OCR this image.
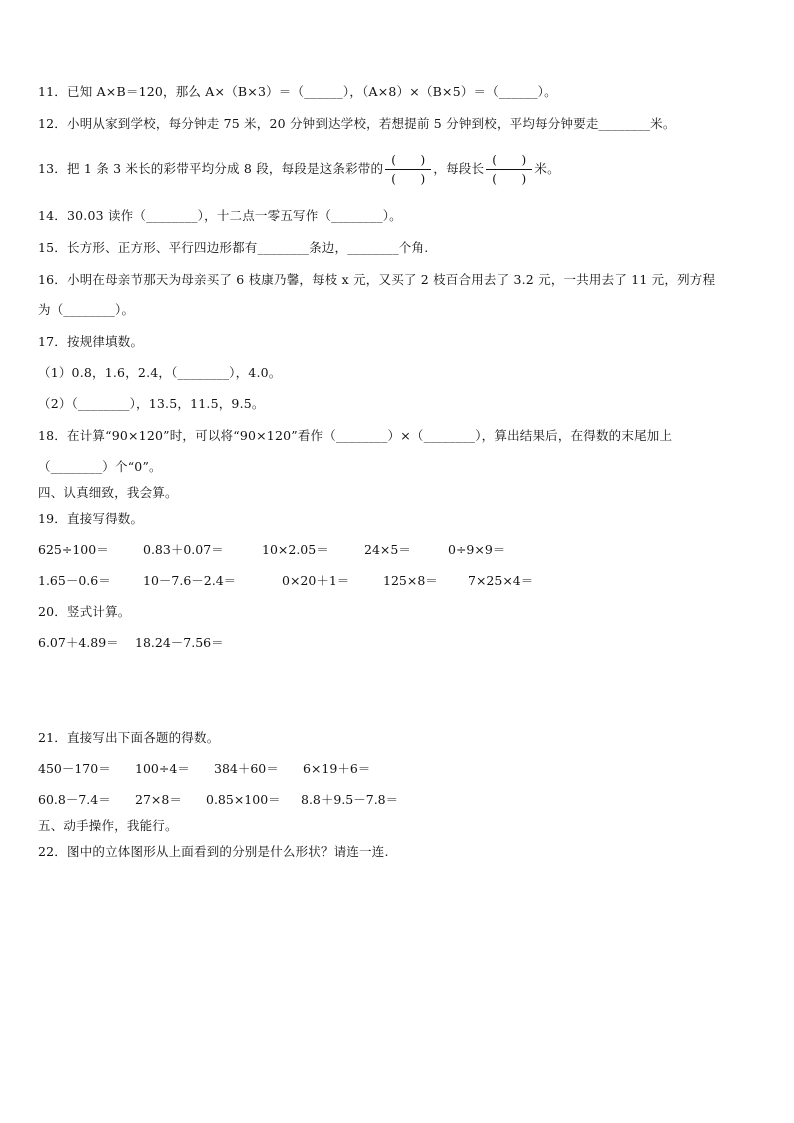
11．已知 A×B＝120，那么 A×（B×3）＝（______），（A×8）×（B×5）＝（______）。
12．小明从家到学校，每分钟走 75 米，20 分钟到达学校，若想提前 5 分钟到校，平均每分钟要走________米。
13．把 1 条 3 米长的彩带平均分成 8 段，每段是这条彩带的 $\frac{( )}{( )}$ ，每段长 $\frac{( )}{( )}$ 米。
14．30.03 读作（________），十二点一零五写作（________）。
15．长方形、正方形、平行四边形都有________条边，________个角.
16．小明在母亲节那天为母亲买了 6 枝康乃馨，每枝 x 元，又买了 2 枝百合用去了 3.2 元，一共用去了 11 元，列方程
为（________）。
17．按规律填数。
（1）0.8，1.6，2.4，（________），4.0。
（2）（________），13.5，11.5，9.5。
18．在计算“90×120”时，可以将“90×120”看作（________）×（________），算出结果后，在得数的末尾加上
（________）个“0”。
四、认真细致，我会算。
19．直接写得数。
625÷100＝	0.83＋0.07＝	10×2.05＝	24×5＝	0÷9×9＝
1.65－0.6＝	10－7.6－2.4＝	0×20＋1＝	125×8＝ 7×25×4＝
20．竖式计算。
6.07＋4.89＝ 18.24－7.56＝
21．直接写出下面各题的得数。
450－170＝ 100÷4＝ 384＋60＝ 6×19＋6＝
60.8－7.4＝ 27×8＝ 0.85×100＝ 8.8＋9.5－7.8＝
五、动手操作，我能行。
22．图中的立体图形从上面看到的分别是什么形状？请连一连.
